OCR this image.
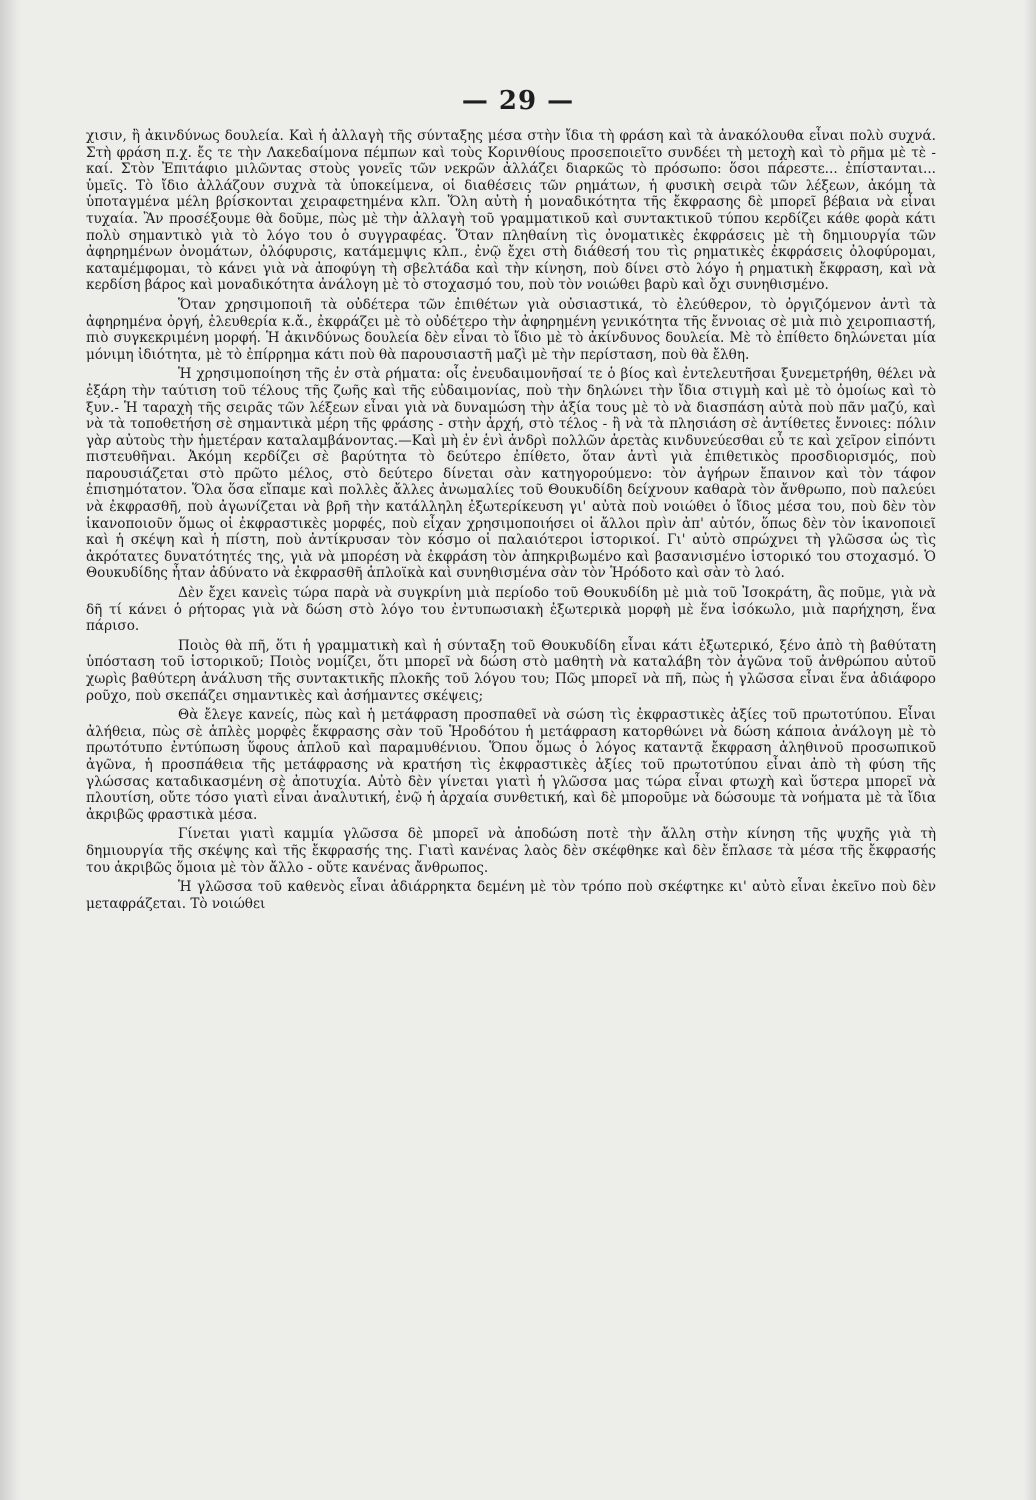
— 29 —

χισιν, ἢ ἀκινδύνως δουλεία. Καὶ ἡ ἀλλαγὴ τῆς σύνταξης μέσα στὴν ἴδια τὴ φράση καὶ τὰ ἀνακόλουθα εἶναι πολὺ συχνά. Στὴ φράση π.χ. ἔς τε τὴν Λακεδαίμονα πέμπων καὶ τοὺς Κορινθίους προσεποιεῖτο συνδέει τὴ μετοχὴ καὶ τὸ ρῆμα μὲ τὲ - καί. Στὸν Ἐπιτάφιο μιλῶντας στοὺς γονεῖς τῶν νεκρῶν ἀλλάζει διαρκῶς τὸ πρόσωπο: ὅσοι πάρεστε... ἐπίστανται... ὑμεῖς. Τὸ ἴδιο ἀλλάζουν συχνὰ τὰ ὑποκείμενα, οἱ διαθέσεις τῶν ρημάτων, ἡ φυσικὴ σειρὰ τῶν λέξεων, ἀκόμη τὰ ὑποταγμένα μέλη βρίσκονται χειραφετημένα κλπ. Ὅλη αὐτὴ ἡ μοναδικότητα τῆς ἔκφρασης δὲ μπορεῖ βέβαια νὰ εἶναι τυχαία. Ἂν προσέξουμε θὰ δοῦμε, πὼς μὲ τὴν ἀλλαγὴ τοῦ γραμματικοῦ καὶ συντακτικοῦ τύπου κερδίζει κάθε φορὰ κάτι πολὺ σημαντικὸ γιὰ τὸ λόγο του ὁ συγγραφέας. Ὅταν πληθαίνη τὶς ὀνοματικὲς ἐκφράσεις μὲ τὴ δημιουργία τῶν ἀφηρημένων ὀνομάτων, ὀλόφυρσις, κατάμεμψις κλπ., ἐνῷ ἔχει στὴ διάθεσή του τὶς ρηματικὲς ἐκφράσεις ὀλοφύρομαι, καταμέμφομαι, τὸ κάνει γιὰ νὰ ἀποφύγη τὴ σβελτάδα καὶ τὴν κίνηση, ποὺ δίνει στὸ λόγο ἡ ρηματικὴ ἔκφραση, καὶ νὰ κερδίση βάρος καὶ μοναδικότητα ἀνάλογη μὲ τὸ στοχασμό του, ποὺ τὸν νοιώθει βαρὺ καὶ ὄχι συνηθισμένο.

Ὅταν χρησιμοποιῆ τὰ οὐδέτερα τῶν ἐπιθέτων γιὰ οὐσιαστικά, τὸ ἐλεύθερον, τὸ ὀργιζόμενον ἀντὶ τὰ ἀφηρημένα ὀργή, ἐλευθερία κ.ἄ., ἐκφράζει μὲ τὸ οὐδέτερο τὴν ἀφηρημένη γενικότητα τῆς ἔννοιας σὲ μιὰ πιὸ χειροπιαστή, πιὸ συγκεκριμένη μορφή. Ἡ ἀκινδύνως δουλεία δὲν εἶναι τὸ ἴδιο μὲ τὸ ἀκίνδυνος δουλεία. Μὲ τὸ ἐπίθετο δηλώνεται μία μόνιμη ἰδιότητα, μὲ τὸ ἐπίρρημα κάτι ποὺ θὰ παρουσιαστῆ μαζὶ μὲ τὴν περίσταση, ποὺ θὰ ἔλθη.

Ἡ χρησιμοποίηση τῆς ἐν στὰ ρήματα: οἷς ἐνευδαιμονῆσαί τε ὁ βίος καὶ ἐντελευτῆσαι ξυνεμετρήθη, θέλει νὰ ἐξάρη τὴν ταύτιση τοῦ τέλους τῆς ζωῆς καὶ τῆς εὐδαιμονίας, ποὺ τὴν δηλώνει τὴν ἴδια στιγμὴ καὶ μὲ τὸ ὁμοίως καὶ τὸ ξυν.- Ἡ ταραχὴ τῆς σειρᾶς τῶν λέξεων εἶναι γιὰ νὰ δυναμώση τὴν ἀξία τους μὲ τὸ νὰ διασπάση αὐτὰ ποὺ πᾶν μαζύ, καὶ νὰ τὰ τοποθετήση σὲ σημαντικὰ μέρη τῆς φράσης - στὴν ἀρχή, στὸ τέλος - ἢ νὰ τὰ πλησιάση σὲ ἀντίθετες ἔννοιες: πόλιν γὰρ αὐτοὺς τὴν ἡμετέραν καταλαμβάνοντας.—Καὶ μὴ ἐν ἑνὶ ἀνδρὶ πολλῶν ἀρετὰς κινδυνεύεσθαι εὖ τε καὶ χεῖρον εἰπόντι πιστευθῆναι. Ἀκόμη κερδίζει σὲ βαρύτητα τὸ δεύτερο ἐπίθετο, ὅταν ἀντὶ γιὰ ἐπιθετικὸς προσδιορισμός, ποὺ παρουσιάζεται στὸ πρῶτο μέλος, στὸ δεύτερο δίνεται σὰν κατηγορούμενο: τὸν ἀγήρων ἔπαινον καὶ τὸν τάφον ἐπισημότατον. Ὅλα ὅσα εἴπαμε καὶ πολλὲς ἄλλες ἀνωμαλίες τοῦ Θουκυδίδη δείχνουν καθαρὰ τὸν ἄνθρωπο, ποὺ παλεύει νὰ ἐκφρασθῆ, ποὺ ἀγωνίζεται νὰ βρῆ τὴν κατάλληλη ἐξωτερίκευση γι' αὐτὰ ποὺ νοιώθει ὁ ἴδιος μέσα του, ποὺ δὲν τὸν ἱκανοποιοῦν ὅμως οἱ ἐκφραστικὲς μορφές, ποὺ εἶχαν χρησιμοποιήσει οἱ ἄλλοι πρὶν ἀπ' αὐτόν, ὅπως δὲν τὸν ἱκανοποιεῖ καὶ ἡ σκέψη καὶ ἡ πίστη, ποὺ ἀντίκρυσαν τὸν κόσμο οἱ παλαιότεροι ἱστορικοί. Γι' αὐτὸ σπρώχνει τὴ γλῶσσα ὡς τὶς ἀκρότατες δυνατότητές της, γιὰ νὰ μπορέση νὰ ἐκφράση τὸν ἀπηκριβωμένο καὶ βασανισμένο ἱστορικό του στοχασμό. Ὁ Θουκυδίδης ἦταν ἀδύνατο νὰ ἐκφρασθῆ ἁπλοϊκὰ καὶ συνηθισμένα σὰν τὸν Ἡρόδοτο καὶ σὰν τὸ λαό.

Δὲν ἔχει κανεὶς τώρα παρὰ νὰ συγκρίνη μιὰ περίοδο τοῦ Θουκυδίδη μὲ μιὰ τοῦ Ἰσοκράτη, ἂς ποῦμε, γιὰ νὰ δῆ τί κάνει ὁ ρήτορας γιὰ νὰ δώση στὸ λόγο του ἐντυπωσιακὴ ἐξωτερικὰ μορφὴ μὲ ἕνα ἰσόκωλο, μιὰ παρήχηση, ἕνα πάρισο.

Ποιὸς θὰ πῆ, ὅτι ἡ γραμματικὴ καὶ ἡ σύνταξη τοῦ Θουκυδίδη εἶναι κάτι ἐξωτερικό, ξένο ἀπὸ τὴ βαθύτατη ὑπόσταση τοῦ ἱστορικοῦ; Ποιὸς νομίζει, ὅτι μπορεῖ νὰ δώση στὸ μαθητὴ νὰ καταλάβη τὸν ἀγῶνα τοῦ ἀνθρώπου αὐτοῦ χωρὶς βαθύτερη ἀνάλυση τῆς συντακτικῆς πλοκῆς τοῦ λόγου του; Πῶς μπορεῖ νὰ πῆ, πὼς ἡ γλῶσσα εἶναι ἕνα ἀδιάφορο ροῦχο, ποὺ σκεπάζει σημαντικὲς καὶ ἀσήμαντες σκέψεις;

Θὰ ἔλεγε κανείς, πὼς καὶ ἡ μετάφραση προσπαθεῖ νὰ σώση τὶς ἐκφραστικὲς ἀξίες τοῦ πρωτοτύπου. Εἶναι ἀλήθεια, πὼς σὲ ἁπλὲς μορφὲς ἔκφρασης σὰν τοῦ Ἡροδότου ἡ μετάφραση κατορθώνει νὰ δώση κάποια ἀνάλογη μὲ τὸ πρωτότυπο ἐντύπωση ὕφους ἁπλοῦ καὶ παραμυθένιου. Ὅπου ὅμως ὁ λόγος καταντᾷ ἔκφραση ἀληθινοῦ προσωπικοῦ ἀγῶνα, ἡ προσπάθεια τῆς μετάφρασης νὰ κρατήση τὶς ἐκφραστικὲς ἀξίες τοῦ πρωτοτύπου εἶναι ἀπὸ τὴ φύση τῆς γλώσσας καταδικασμένη σὲ ἀποτυχία. Αὐτὸ δὲν γίνεται γιατὶ ἡ γλῶσσα μας τώρα εἶναι φτωχὴ καὶ ὕστερα μπορεῖ νὰ πλουτίση, οὔτε τόσο γιατὶ εἶναι ἀναλυτική, ἐνῷ ἡ ἀρχαία συνθετική, καὶ δὲ μποροῦμε νὰ δώσουμε τὰ νοήματα μὲ τὰ ἴδια ἀκριβῶς φραστικὰ μέσα.

Γίνεται γιατὶ καμμία γλῶσσα δὲ μπορεῖ νὰ ἀποδώση ποτὲ τὴν ἄλλη στὴν κίνηση τῆς ψυχῆς γιὰ τὴ δημιουργία τῆς σκέψης καὶ τῆς ἔκφρασής της. Γιατὶ κανένας λαὸς δὲν σκέφθηκε καὶ δὲν ἔπλασε τὰ μέσα τῆς ἔκφρασής του ἀκριβῶς ὅμοια μὲ τὸν ἄλλο - οὔτε κανένας ἄνθρωπος.

Ἡ γλῶσσα τοῦ καθενὸς εἶναι ἀδιάρρηκτα δεμένη μὲ τὸν τρόπο ποὺ σκέφτηκε κι' αὐτὸ εἶναι ἐκεῖνο ποὺ δὲν μεταφράζεται. Τὸ νοιώθει
